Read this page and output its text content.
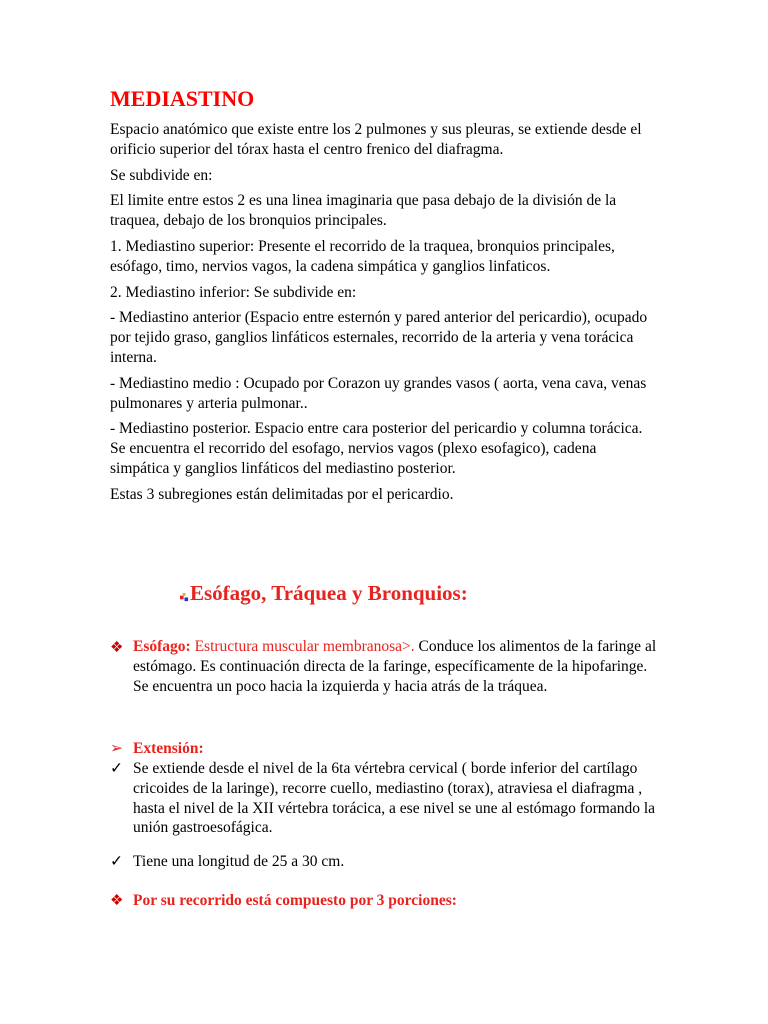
MEDIASTINO
Espacio anatómico que existe entre los 2 pulmones y sus pleuras, se extiende desde el orificio superior del tórax hasta el centro frenico del diafragma.
Se subdivide en:
El limite entre estos 2 es una linea imaginaria que pasa debajo de la división de la traquea, debajo de los bronquios principales.
1. Mediastino superior: Presente el recorrido de la traquea, bronquios principales, esófago, timo, nervios vagos, la cadena simpática y ganglios linfaticos.
2. Mediastino inferior: Se subdivide en:
- Mediastino anterior (Espacio entre esternón y pared anterior del pericardio), ocupado por tejido graso, ganglios linfáticos esternales, recorrido de la arteria y vena torácica interna.
- Mediastino medio : Ocupado por Corazon uy grandes vasos ( aorta, vena cava, venas pulmonares y arteria pulmonar..
- Mediastino posterior. Espacio entre cara posterior del pericardio y columna torácica. Se encuentra el recorrido del esofago, nervios vagos (plexo esofagico), cadena simpática y ganglios linfáticos del mediastino posterior.
Estas 3 subregiones están delimitadas por el pericardio.
Esófago, Tráquea y Bronquios:
❖ Esófago: Estructura muscular membranosa>. Conduce los alimentos de la faringe al estómago. Es continuación directa de la faringe, específicamente de la hipofaringe. Se encuentra un poco hacia la izquierda y hacia atrás de la tráquea.
➢ Extensión:
✓ Se extiende desde el nivel de la 6ta vértebra cervical ( borde inferior del cartílago cricoides de la laringe), recorre cuello, mediastino (torax), atraviesa el diafragma , hasta el nivel de la XII vértebra torácica, a ese nivel se une al estómago formando la unión gastroesofágica.
✓ Tiene una longitud de 25 a 30 cm.
❖ Por su recorrido está compuesto por 3 porciones:
